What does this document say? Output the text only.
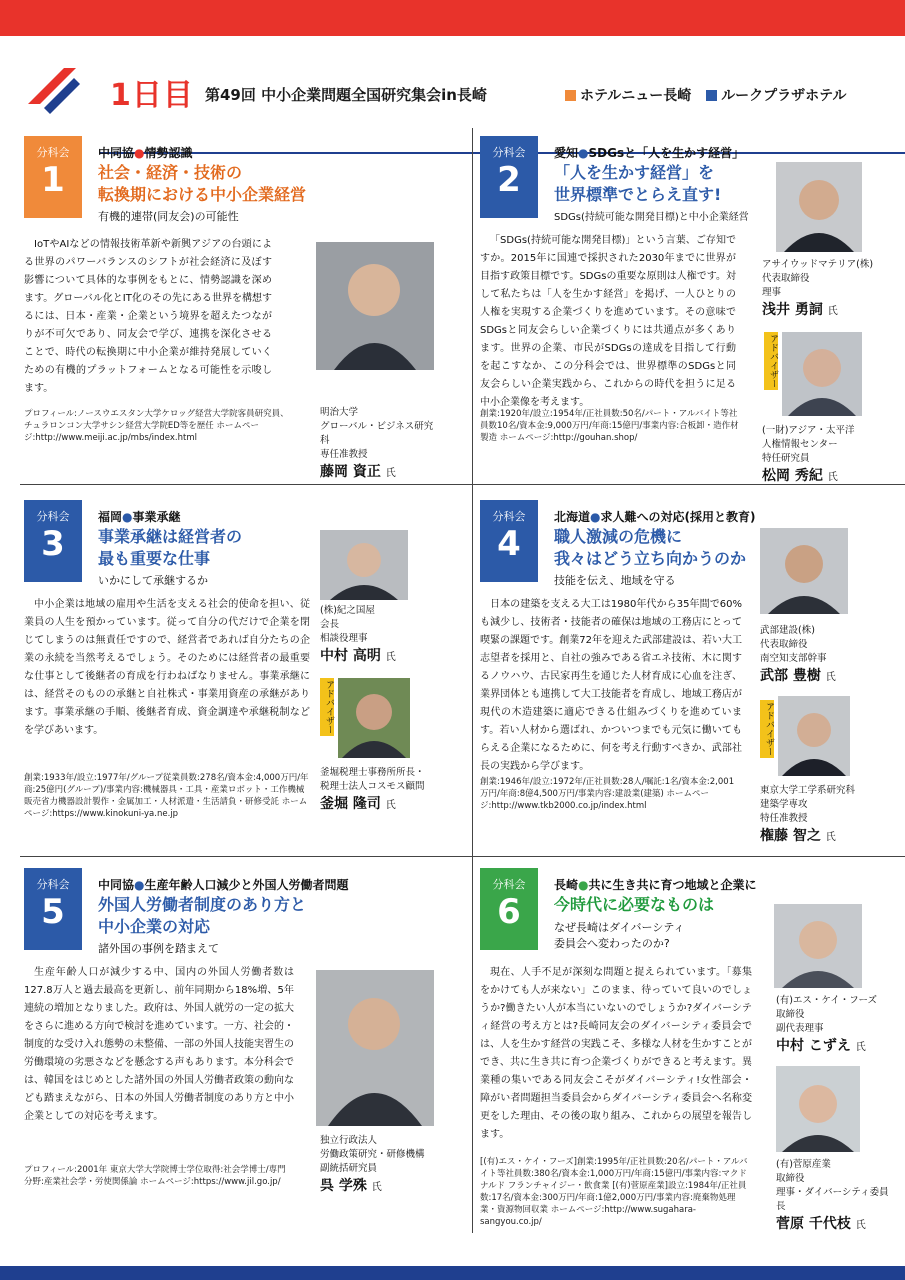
1日目 第49回 中小企業問題全国研究集会in長崎	ホテルニュー長崎 ルークプラザホテル
分科会
1
中同協●情勢認識
社会・経済・技術の
転換期における中小企業経営
有機的連帯(同友会)の可能性
IoTやAIなどの情報技術革新や新興アジアの台頭による世界のパワーバランスのシフトが社会経済に及ぼす影響について具体的な事例をもとに、情勢認識を深めます。グローバル化とIT化のその先にある世界を構想するには、日本・産業・企業という境界を超えたつながりが不可欠であり、同友会で学び、連携を深化させることで、時代の転換期に中小企業が維持発展していくための有機的プラットフォームとなる可能性を示唆します。
プロフィール:ノースウエスタン大学ケロッグ経営大学院客員研究員、チュラロンコン大学サシン経営大学院ED等を歴任 ホームページ:http://www.meiji.ac.jp/mbs/index.html
明治大学
グローバル・ビジネス研究科
専任准教授
藤岡 資正 氏
分科会
2
愛知●SDGsと「人を生かす経営」
「人を生かす経営」を
世界標準でとらえ直す!
SDGs(持続可能な開発目標)と中小企業経営
「SDGs(持続可能な開発目標)」という言葉、ご存知ですか。2015年に国連で採択された2030年までに世界が目指す政策目標です。SDGsの重要な原則は人権です。対して私たちは「人を生かす経営」を掲げ、一人ひとりの人権を実現する企業づくりを進めています。その意味でSDGsと同友会らしい企業づくりには共通点が多くあります。世界の企業、市民がSDGsの達成を目指して行動を起こすなか、この分科会では、世界標準のSDGsと同友会らしい企業実践から、これからの時代を担うに足る中小企業像を考えます。
創業:1920年/設立:1954年/正社員数:50名/パート・アルバイト等社員数10名/資本金:9,000万円/年商:15億円/事業内容:合板卸・造作材製造 ホームページ:http://gouhan.shop/
アサイウッドマテリア(株)
代表取締役
理事
浅井 勇詞 氏
アドバイザー
(一財)アジア・太平洋
人権情報センター
特任研究員
松岡 秀紀 氏
分科会
3
福岡●事業承継
事業承継は経営者の
最も重要な仕事
いかにして承継するか
中小企業は地域の雇用や生活を支える社会的使命を担い、従業員の人生を預かっています。従って自分の代だけで企業を閉じてしまうのは無責任ですので、経営者であれば自分たちの企業の永続を当然考えるでしょう。そのためには経営者の最重要な仕事として後継者の育成を行わねばなりません。事業承継には、経営そのものの承継と自社株式・事業用資産の承継があります。事業承継の手順、後継者育成、資金調達や承継税制などを学びあいます。
創業:1933年/設立:1977年/グループ従業員数:278名/資本金:4,000万円/年商:25億円(グループ)/事業内容:機械器具・工具・産業ロボット・工作機械販売省力機器設計製作・金属加工・人材派遣・生活請負・研修受託 ホームページ:https://www.kinokuni-ya.ne.jp
(株)紀之国屋
会長
相談役理事
中村 高明 氏
アドバイザー
釜堀税理士事務所所長・
税理士法人コスモス顧問
釜堀 隆司 氏
分科会
4
北海道●求人難への対応(採用と教育)
職人激減の危機に
我々はどう立ち向かうのか
技能を伝え、地域を守る
日本の建築を支える大工は1980年代から35年間で60%も減少し、技術者・技能者の確保は地域の工務店にとって喫緊の課題です。創業72年を迎えた武部建設は、若い大工志望者を採用と、自社の強みである省エネ技術、木に関するノウハウ、古民家再生を通じた人材育成に心血を注ぎ、業界団体とも連携して大工技能者を育成し、地域工務店が現代の木造建築に適応できる仕組みづくりを進めています。若い人材から選ばれ、かついつまでも元気に働いてもらえる企業になるために、何を考え行動すべきか、武部社長の実践から学びます。
創業:1946年/設立:1972年/正社員数:28人/嘱託:1名/資本金:2,001万円/年商:8億4,500万円/事業内容:建設業(建築) ホームページ:http://www.tkb2000.co.jp/index.html
武部建設(株)
代表取締役
南空知支部幹事
武部 豊樹 氏
アドバイザー
東京大学工学系研究科
建築学専攻
特任准教授
権藤 智之 氏
分科会
5
中同協●生産年齢人口減少と外国人労働者問題
外国人労働者制度のあり方と
中小企業の対応
諸外国の事例を踏まえて
生産年齢人口が減少する中、国内の外国人労働者数は127.8万人と過去最高を更新し、前年同期から18%増、5年連続の増加となりました。政府は、外国人就労の一定の拡大をさらに進める方向で検討を進めています。一方、社会的・制度的な受け入れ態勢の未整備、一部の外国人技能実習生の労働環境の劣悪さなどを懸念する声もあります。本分科会では、韓国をはじめとした諸外国の外国人労働者政策の動向なども踏まえながら、日本の外国人労働者制度のあり方と中小企業としての対応を考えます。
プロフィール:2001年 東京大学大学院博士学位取得:社会学博士/専門分野:産業社会学・労使関係論 ホームページ:https://www.jil.go.jp/
独立行政法人
労働政策研究・研修機構
副統括研究員
呉 学殊 氏
分科会
6
長崎●共に生き共に育つ地域と企業に
今時代に必要なものは
なぜ長崎はダイバーシティ
委員会へ変わったのか?
現在、人手不足が深刻な問題と捉えられています。「募集をかけても人が来ない」このまま、待っていて良いのでしょうか?働きたい人が本当にいないのでしょうか?ダイバーシティ経営の考え方とは?長崎同友会のダイバーシティ委員会では、人を生かす経営の実践こそ、多様な人材を生かすことができ、共に生き共に育つ企業づくりができると考えます。異業種の集いである同友会こそがダイバーシティ!女性部会・障がい者問題担当委員会からダイバーシティ委員会へ名称変更をした理由、その後の取り組み、これからの展望を報告します。
[(有)エス・ケイ・フーズ]創業:1995年/正社員数:20名/パート・アルバイト等社員数:380名/資本金:1,000万円/年商:15億円/事業内容:マクドナルド フランチャイジー・飲食業 [(有)菅原産業]設立:1984年/正社員数:17名/資本金:300万円/年商:1億2,000万円/事業内容:廃棄物処理業・資源物回収業 ホームページ:http://www.sugahara-sangyou.co.jp/
(有)エス・ケイ・フーズ
取締役
副代表理事
中村 こずえ 氏
(有)菅原産業
取締役
理事・ダイバーシティ委員長
菅原 千代枝 氏
